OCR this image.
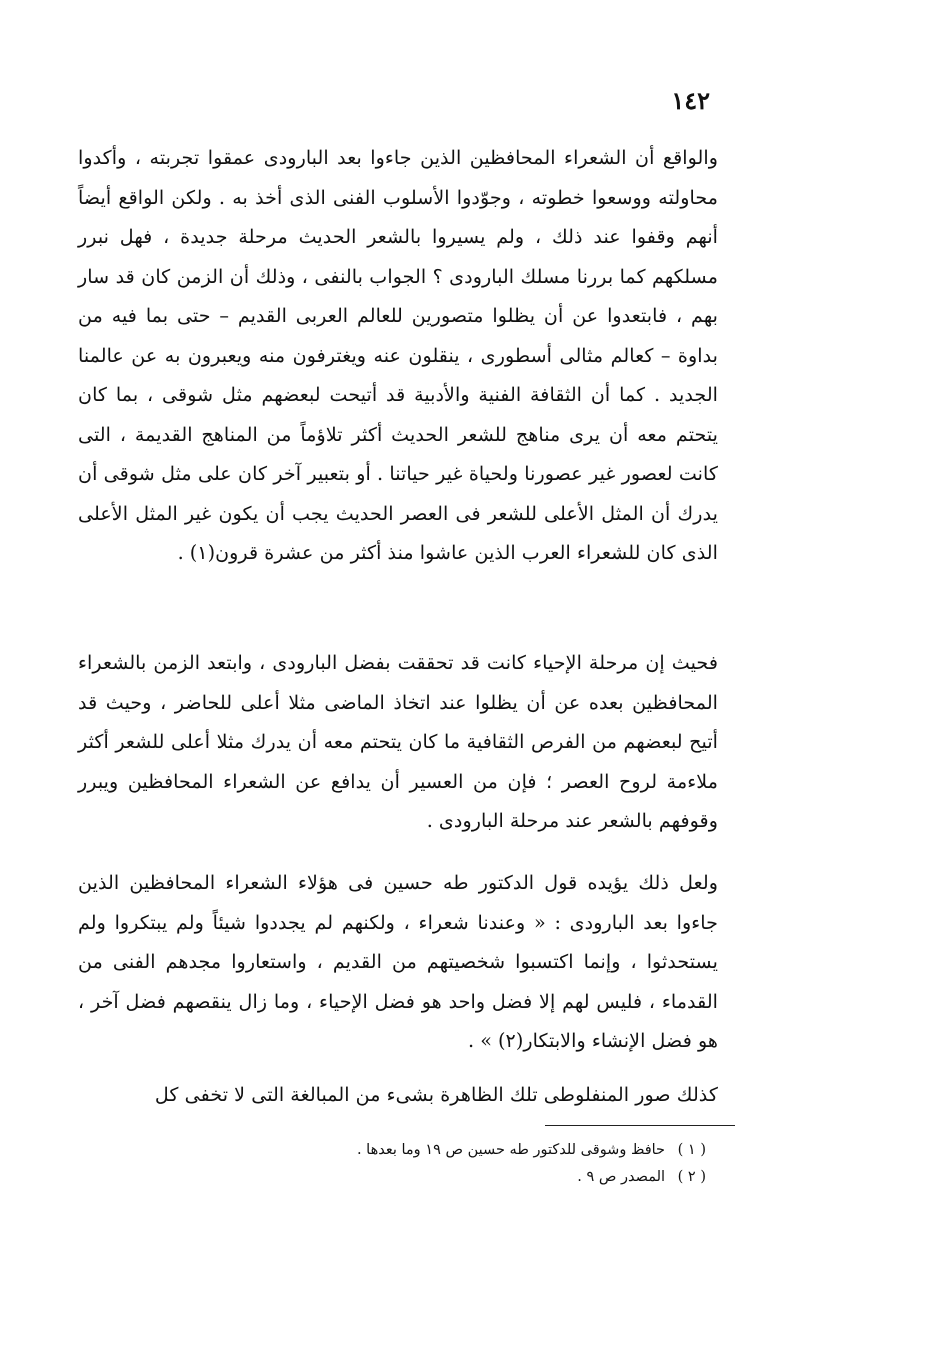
١٤٢

والواقع أن الشعراء المحافظين الذين جاءوا بعد البارودى عمقوا تجربته ، وأكدوا محاولته ووسعوا خطوته ، وجوّدوا الأسلوب الفنى الذى أخذ به . ولكن الواقع أيضاً أنهم وقفوا عند ذلك ، ولم يسيروا بالشعر الحديث مرحلة جديدة ، فهل نبرر مسلكهم كما بررنا مسلك البارودى ؟ الجواب بالنفى ، وذلك أن الزمن كان قد سار بهم ، فابتعدوا عن أن يظلوا متصورين للعالم العربى القديم – حتى بما فيه من بداوة – كعالم مثالى أسطورى ، ينقلون عنه ويغترفون منه ويعبرون به عن عالمنا الجديد . كما أن الثقافة الفنية والأدبية قد أتيحت لبعضهم مثل شوقى ، بما كان يتحتم معه أن يرى مناهج للشعر الحديث أكثر تلاؤماً من المناهج القديمة ، التى كانت لعصور غير عصورنا ولحياة غير حياتنا . أو بتعبير آخر كان على مثل شوقى أن يدرك أن المثل الأعلى للشعر فى العصر الحديث يجب أن يكون غير المثل الأعلى الذى كان للشعراء العرب الذين عاشوا منذ أكثر من عشرة قرون(١) .

فحيث إن مرحلة الإحياء كانت قد تحققت بفضل البارودى ، وابتعد الزمن بالشعراء المحافظين بعده عن أن يظلوا عند اتخاذ الماضى مثلا أعلى للحاضر ، وحيث قد أتيح لبعضهم من الفرص الثقافية ما كان يتحتم معه أن يدرك مثلا أعلى للشعر أكثر ملاءمة لروح العصر ؛ فإن من العسير أن يدافع عن الشعراء المحافظين ويبرر وقوفهم بالشعر عند مرحلة البارودى .

ولعل ذلك يؤيده قول الدكتور طه حسين فى هؤلاء الشعراء المحافظين الذين جاءوا بعد البارودى : « وعندنا شعراء ، ولكنهم لم يجددوا شيئاً ولم يبتكروا ولم يستحدثوا ، وإنما اكتسبوا شخصيتهم من القديم ، واستعاروا مجدهم الفنى من القدماء ، فليس لهم إلا فضل واحد هو فضل الإحياء ، وما زال ينقصهم فضل آخر ، هو فضل الإنشاء والابتكار(٢) » .

كذلك صور المنفلوطى تلك الظاهرة بشىء من المبالغة التى لا تخفى كل

( ١ ) حافظ وشوقى للدكتور طه حسين ص ١٩ وما بعدها .

( ٢ ) المصدر ص ٩ .
